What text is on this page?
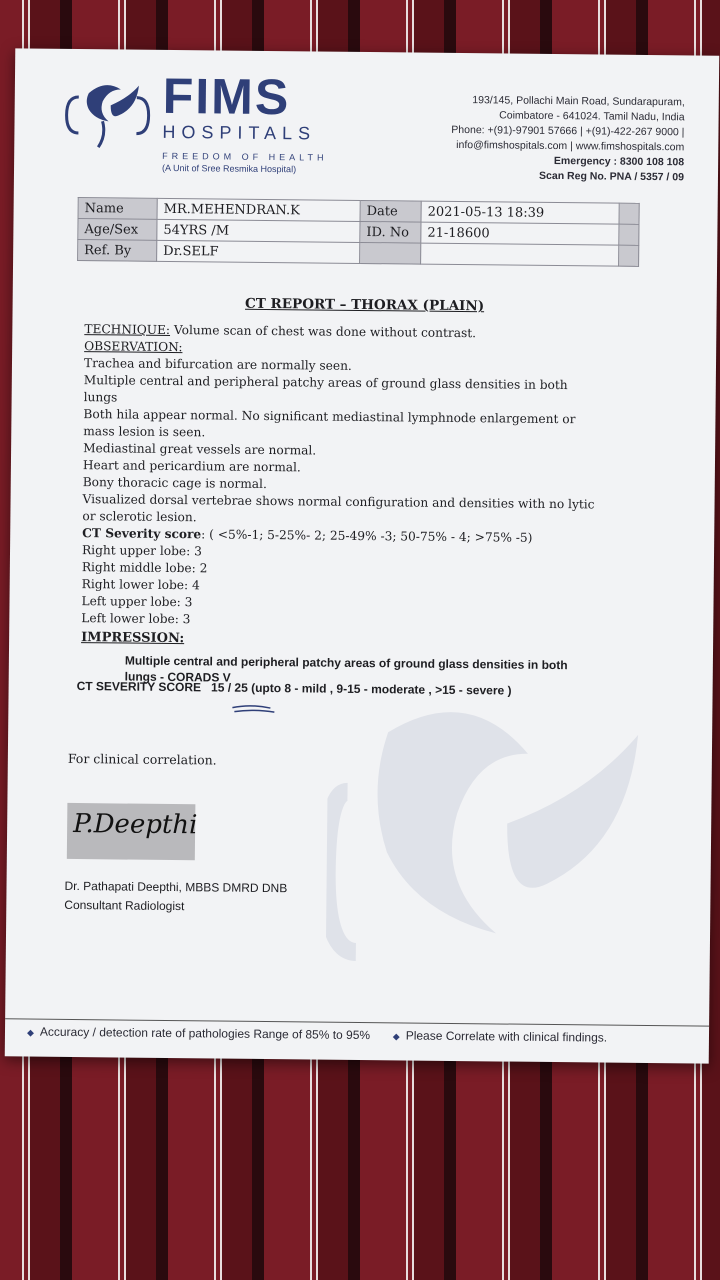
FIMS
HOSPITALS
FREEDOM OF HEALTH
(A Unit of Sree Resmika Hospital)
193/145, Pollachi Main Road, Sundarapuram,
Coimbatore - 641024. Tamil Nadu, India
Phone: +(91)-97901 57666 | +(91)-422-267 9000 |
info@fimshospitals.com | www.fimshospitals.com
Emergency : 8300 108 108
Scan Reg No. PNA / 5357 / 09
Name	MR.MEHENDRAN.K	Date	2021-05-13 18:39	
Age/Sex	54YRS /M	ID. No	21-18600	
Ref. By	Dr.SELF			
CT REPORT – THORAX (PLAIN)

TECHNIQUE: Volume scan of chest was done without contrast.

OBSERVATION:

Trachea and bifurcation are normally seen.

Multiple central and peripheral patchy areas of ground glass densities in both lungs

Both hila appear normal. No significant mediastinal lymphnode enlargement or mass lesion is seen.

Mediastinal great vessels are normal.

Heart and pericardium are normal.

Bony thoracic cage is normal.

Visualized dorsal vertebrae shows normal configuration and densities with no lytic or sclerotic lesion.

CT Severity score: ( <5%-1; 5-25%- 2; 25-49% -3; 50-75% - 4; >75% -5)

Right upper lobe: 3

Right middle lobe: 2

Right lower lobe: 4

Left upper lobe: 3

Left lower lobe: 3

IMPRESSION:

Multiple central and peripheral patchy areas of ground glass densities in both lungs - CORADS V

CT SEVERITY SCORE 15 / 25 (upto 8 - mild , 9-15 - moderate , >15 - severe )
For clinical correlation.
P.Deepthi
Dr. Pathapati Deepthi, MBBS DMRD DNB
Consultant Radiologist
◆ Accuracy / detection rate of pathologies Range of 85% to 95%	◆ Please Correlate with clinical findings.
